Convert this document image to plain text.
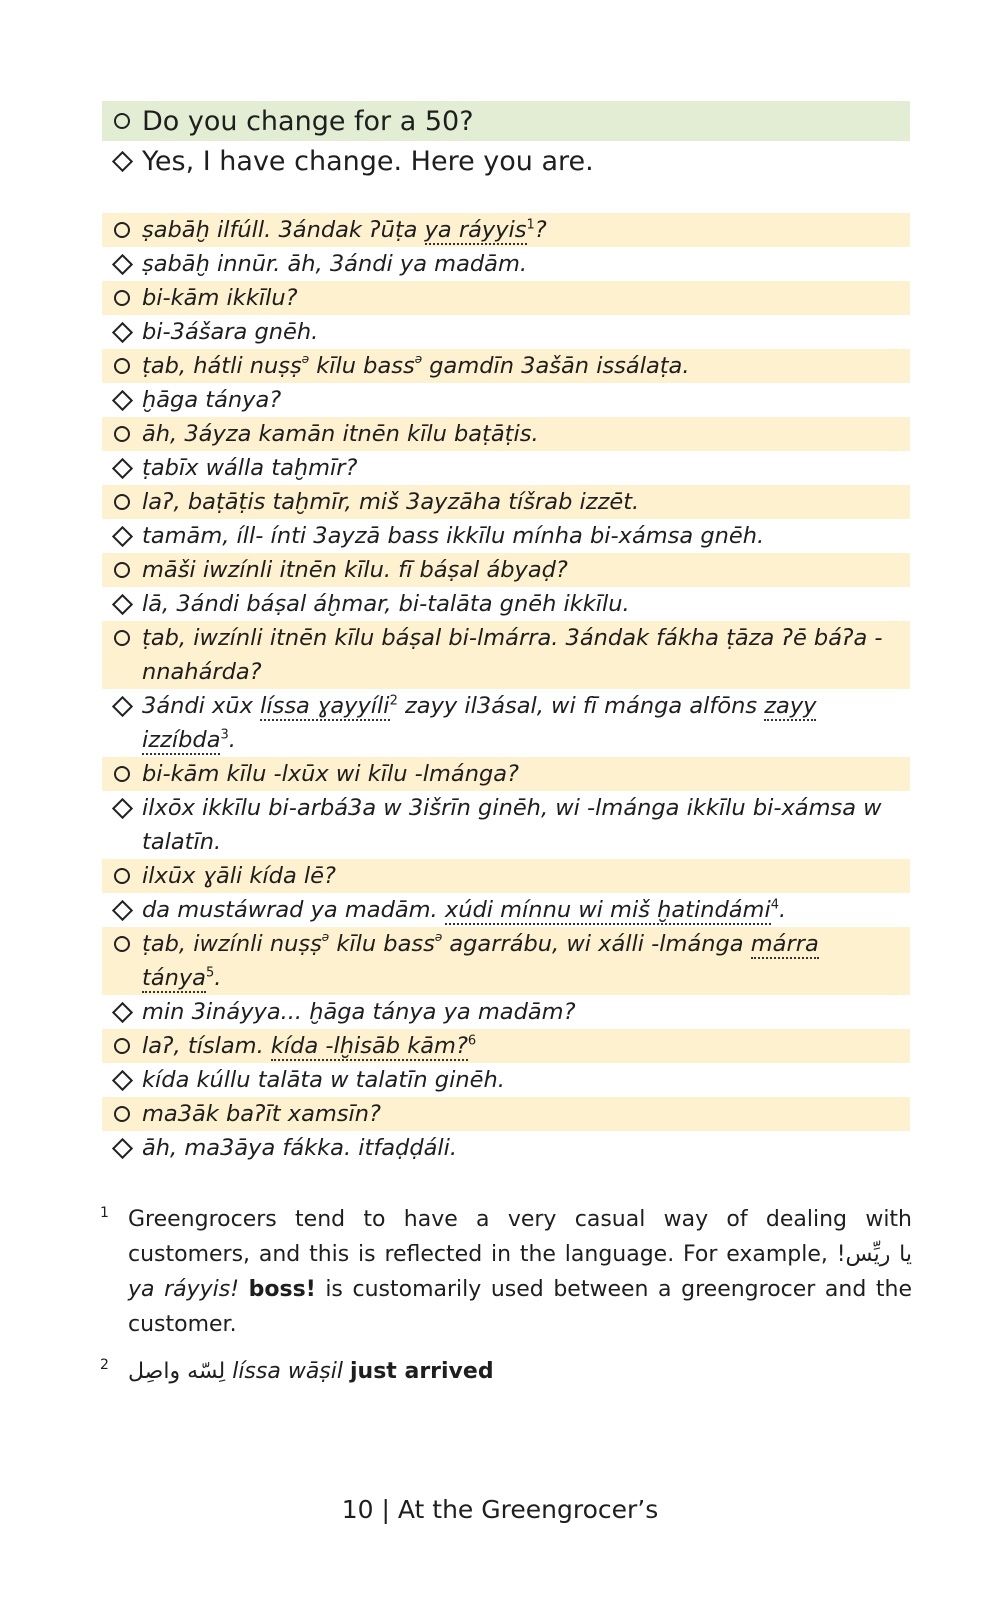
Do you change for a 50?
Yes, I have change. Here you are.
ṣabāḫ ilfúll. 3ándak ʔūṭa ya ráyyis$^1$?
ṣabāḫ innūr. āh, 3ándi ya madām.
bi-kām ikkīlu?
bi-3ášara gnēh.
ṭab, hátli nuṣṣ$^ə$ kīlu bass$^ə$ gamdīn 3ašān issálaṭa.
ḫāga tánya?
āh, 3áyza kamān itnēn kīlu baṭāṭis.
ṭabīx wálla taḫmīr?
laʔ, baṭāṭis taḫmīr, miš 3ayzāha tíšrab izzēt.
tamām, íll- ínti 3ayzā bass ikkīlu mínha bi-xámsa gnēh.
māši iwzínli itnēn kīlu. fī báṣal ábyaḍ?
lā, 3ándi báṣal áḫmar, bi-talāta gnēh ikkīlu.
ṭab, iwzínli itnēn kīlu báṣal bi-lmárra. 3ándak fákha ṭāza ʔē báʔa -nnahárda?
3ándi xūx líssa ɣayyíli$^2$ zayy il3ásal, wi fī mánga alfōns zayy izzíbda$^3$.
bi-kām kīlu -lxūx wi kīlu -lmánga?
ilxōx ikkīlu bi-arbá3a w 3išrīn ginēh, wi -lmánga ikkīlu bi-xámsa w talatīn.
ilxūx ɣāli kída lē?
da mustáwrad ya madām. xúdi mínnu wi miš ḫatindámi$^4$.
ṭab, iwzínli nuṣṣ$^ə$ kīlu bass$^ə$ agarrábu, wi xálli -lmánga márra tánya$^5$.
min 3ináyya... ḫāga tánya ya madām?
laʔ, tíslam. kída -lḫisāb kām?$^6$
kída kúllu talāta w talatīn ginēh.
ma3āk baʔīt xamsīn?
āh, ma3āya fákka. itfaḍḍáli.
1 Greengrocers tend to have a very casual way of dealing with customers, and this is reflected in the language. For example, يا ريِّس! ya ráyyis! boss! is customarily used between a greengrocer and the customer.
2 لِسّه واصِل líssa wāṣil just arrived
10 | At the Greengrocer’s
